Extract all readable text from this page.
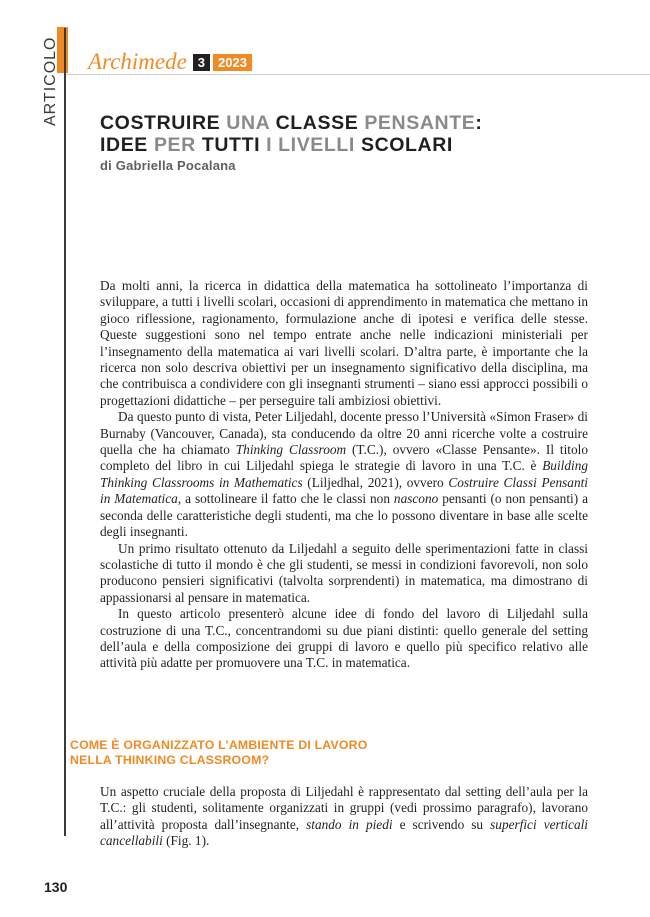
ARTICOLO Archimede 3	2023
COSTRUIRE UNA CLASSE PENSANTE:
IDEE PER TUTTI I LIVELLI SCOLARI
di Gabriella Pocalana

Da molti anni, la ricerca in didattica della matematica ha sottolineato l’importanza di sviluppare, a tutti i livelli scolari, occasioni di apprendimento in matematica che mettano in gioco riflessione, ragionamento, formulazione anche di ipotesi e verifica delle stesse. Queste suggestioni sono nel tempo entrate anche nelle indicazioni ministeriali per l’insegnamento della matematica ai vari livelli scolari. D’altra parte, è importante che la ricerca non solo descriva obiettivi per un insegnamento significativo della disciplina, ma che contribuisca a condividere con gli insegnanti strumenti – siano essi approcci possibili o progettazioni didattiche – per perseguire tali ambiziosi obiettivi.

Da questo punto di vista, Peter Liljedahl, docente presso l’Università «Simon Fraser» di Burnaby (Vancouver, Canada), sta conducendo da oltre 20 anni ricerche volte a costruire quella che ha chiamato Thinking Classroom (T.C.), ovvero «Classe Pensante». Il titolo completo del libro in cui Liljedahl spiega le strategie di lavoro in una T.C. è Building Thinking Classrooms in Mathematics (Liljedhal, 2021), ovvero Costruire Classi Pensanti in Matematica, a sottolineare il fatto che le classi non nascono pensanti (o non pensanti) a seconda delle caratteristiche degli studenti, ma che lo possono diventare in base alle scelte degli insegnanti.

Un primo risultato ottenuto da Liljedahl a seguito delle sperimentazioni fatte in classi scolastiche di tutto il mondo è che gli studenti, se messi in condizioni favorevoli, non solo producono pensieri significativi (talvolta sorprendenti) in matematica, ma dimostrano di appassionarsi al pensare in matematica.

In questo articolo presenterò alcune idee di fondo del lavoro di Liljedahl sulla costruzione di una T.C., concentrandomi su due piani distinti: quello generale del setting dell’aula e della composizione dei gruppi di lavoro e quello più specifico relativo alle attività più adatte per promuovere una T.C. in matematica.

COME È ORGANIZZATO L’AMBIENTE DI LAVORO
NELLA THINKING CLASSROOM?

Un aspetto cruciale della proposta di Liljedahl è rappresentato dal setting dell’aula per la T.C.: gli studenti, solitamente organizzati in gruppi (vedi prossimo paragrafo), lavorano all’attività proposta dall’insegnante, stando in piedi e scrivendo su superfici verticali cancellabili (Fig. 1).

130
